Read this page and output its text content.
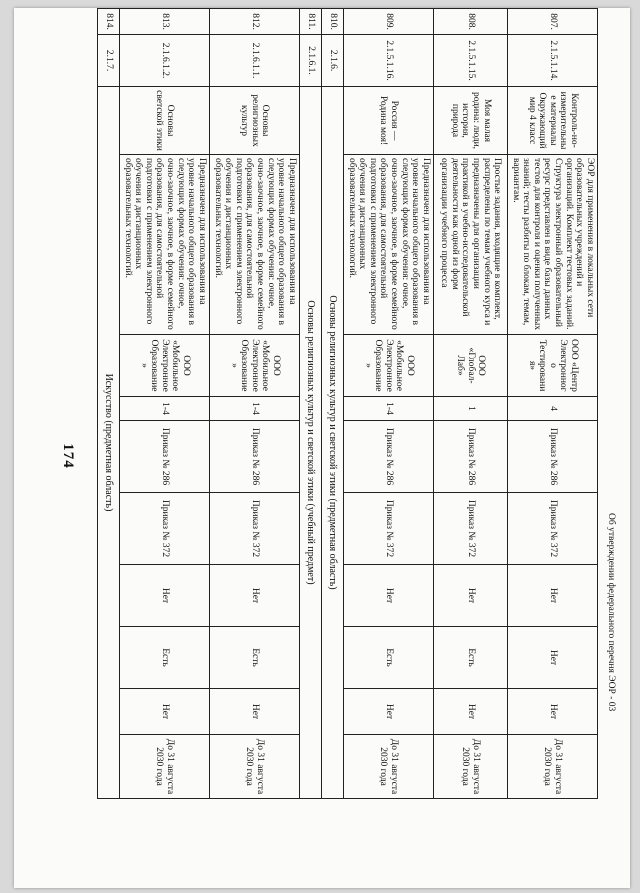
174
807.	2.1.5.1.14.	Контроль-но-измерительные материалы Окружающий мир 4 класс	ЭОР для применения в локальных сети образовательных учреждений и организаций. Комплект тестовых заданий. Структура электронный образовательный ресурс представлен в виде базы данных тестов для контроля и оценки полученных знаний; тесты разбиты по блокам, темам, вариантам.	ООО «Центр Электронного Тестирования»	4	Приказ № 286	Приказ № 372	Нет	Нет	Нет	До 31 августа 2030 года
808.	2.1.5.1.15.	Моя малая родина: люди, история, природа	Простые задания, входящие в комплект, распределены по темам учебного курса и предназначены для организации практикой в учебно-исследовательской деятельности как одной из форм организации учебного процесса	ООО «Глобал-Лаб»	1	Приказ № 286	Приказ № 372	Нет	Есть	Нет	До 31 августа 2030 года
809.	2.1.5.1.16.	Россия — Родина моя!	Предназначен для использования на уровне начального общего образования в следующих формах обучения: очное, очно-заочное, заочное, в форме семейного образования, для самостоятельной подготовки с применением электронного обучения и дистанционных образовательных технологий.	ООО «Мобильное Электронное Образование»	1-4	Приказ № 286	Приказ № 372	Нет	Есть	Нет	До 31 августа 2030 года
810.	2.1.6.	Основы религиозных культур и светской этики (предметная область)									
811.	2.1.6.1.	Основы религиозных культур и светской этики (учебный предмет)									
812.	2.1.6.1.1.	Основы религиозных культур	Предназначен для использования на уровне начального общего образования в следующих формах обучения: очное, очно-заочное, заочное, в форме семейного образования, для самостоятельной подготовки с применением электронного обучения и дистанционных образовательных технологий.	ООО «Мобильное Электронное Образование»	1-4	Приказ № 286	Приказ № 372	Нет	Есть	Нет	До 31 августа 2030 года
813.	2.1.6.1.2.	Основы светской этики	Предназначен для использования на уровне начального общего образования в следующих формах обучения: очное, очно-заочное, заочное, в форме семейного образования, для самостоятельной подготовки с применением электронного обучения и дистанционных образовательных технологий.	ООО «Мобильное Электронное Образование»	1-4	Приказ № 286	Приказ № 372	Нет	Есть	Нет	До 31 августа 2030 года
814.	2.1.7.	Искусство (предметная область)									
Об утверждении федерального перечня ЭОР - 03
